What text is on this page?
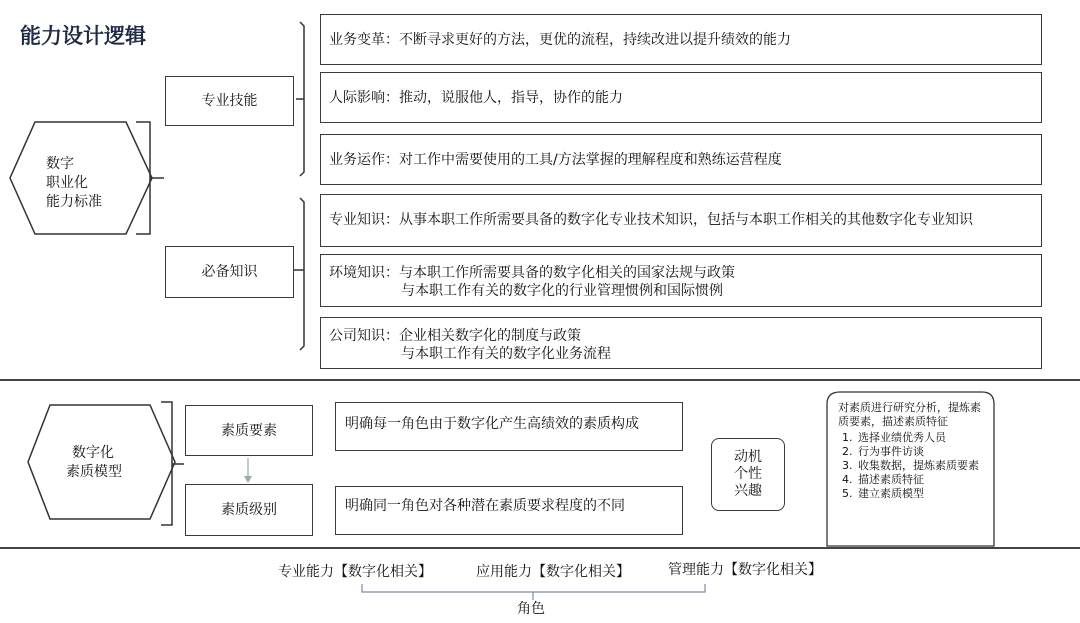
能力设计逻辑
数字
职业化
能力标准
专业技能
必备知识
业务变革：不断寻求更好的方法，更优的流程，持续改进以提升绩效的能力
人际影响：推动，说服他人，指导，协作的能力
业务运作：对工作中需要使用的工具/方法掌握的理解程度和熟练运营程度
专业知识：从事本职工作所需要具备的数字化专业技术知识，包括与本职工作相关的其他数字化专业知识
环境知识：与本职工作所需要具备的数字化相关的国家法规与政策
与本职工作有关的数字化的行业管理惯例和国际惯例
公司知识：企业相关数字化的制度与政策
与本职工作有关的数字化业务流程
数字化
素质模型
素质要素
素质级别
明确每一角色由于数字化产生高绩效的素质构成
明确同一角色对各种潜在素质要求程度的不同
动机
个性
兴趣
对素质进行研究分析，提炼素质要素，描述素质特征
1. 选择业绩优秀人员
2. 行为事件访谈
3. 收集数据，提炼素质要素
4. 描述素质特征
5. 建立素质模型
专业能力【数字化相关】	应用能力【数字化相关】	管理能力【数字化相关】
角色
